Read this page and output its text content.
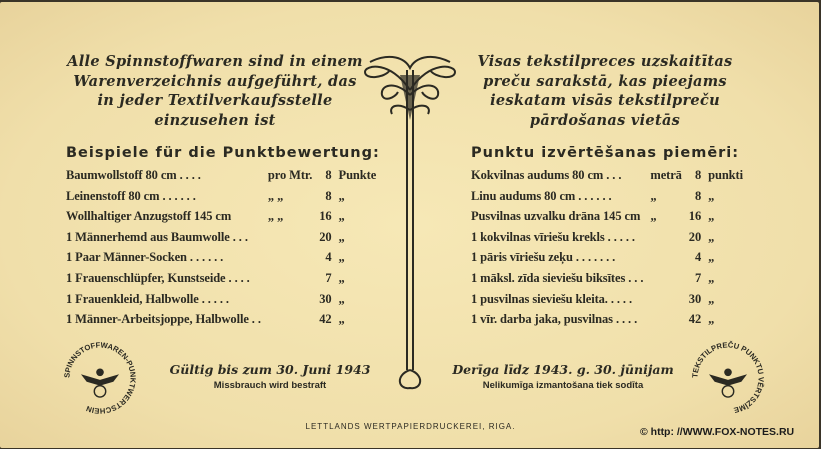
Alle Spinnstoffwaren sind in einem
Warenverzeichnis aufgeführt, das
in jeder Textilverkaufsstelle
einzusehen ist
Visas tekstilpreces uzskaitītas
preču sarakstā, kas pieejams
ieskatam visās tekstilpreču
pārdošanas vietās
Beispiele für die Punktbewertung:	Punktu izvērtēšanas piemēri:
Baumwollstoff 80 cm . . . .	pro Mtr.	8	Punkte
Leinenstoff 80 cm . . . . . .	„ „	8	„
Wollhaltiger Anzugstoff 145 cm	„ „	16	„
1 Männerhemd aus Baumwolle . . .		20	„
1 Paar Männer-Socken . . . . . .		4	„
1 Frauenschlüpfer, Kunstseide . . . .		7	„
1 Frauenkleid, Halbwolle . . . . .		30	„
1 Männer-Arbeitsjoppe, Halbwolle . .		42	„
Kokvilnas audums 80 cm . . .	metrā	8	punkti
Linu audums 80 cm . . . . . .	„	8	„
Pusvilnas uzvalku drāna 145 cm	„	16	„
1 kokvilnas vīriešu krekls . . . . .		20	„
1 pāris vīriešu zeķu . . . . . . .		4	„
1 māksl. zīda sieviešu biksītes . . .		7	„
1 pusvilnas sieviešu kleita. . . . .		30	„
1 vīr. darba jaka, pusvilnas . . . .		42	„
SPINNSTOFFWAREN-PUNKTWERTSCHEIN
TEKSTILPREČU PUNKTU VĒRTSZĪME
Gültig bis zum 30. Juni 1943
Missbrauch wird bestraft
Derīga līdz 1943. g. 30. jūnijam
Nelikumīga izmantošana tiek sodīta
LETTLANDS WERTPAPIERDRUCKEREI, RIGA.	© http: //WWW.FOX-NOTES.RU
